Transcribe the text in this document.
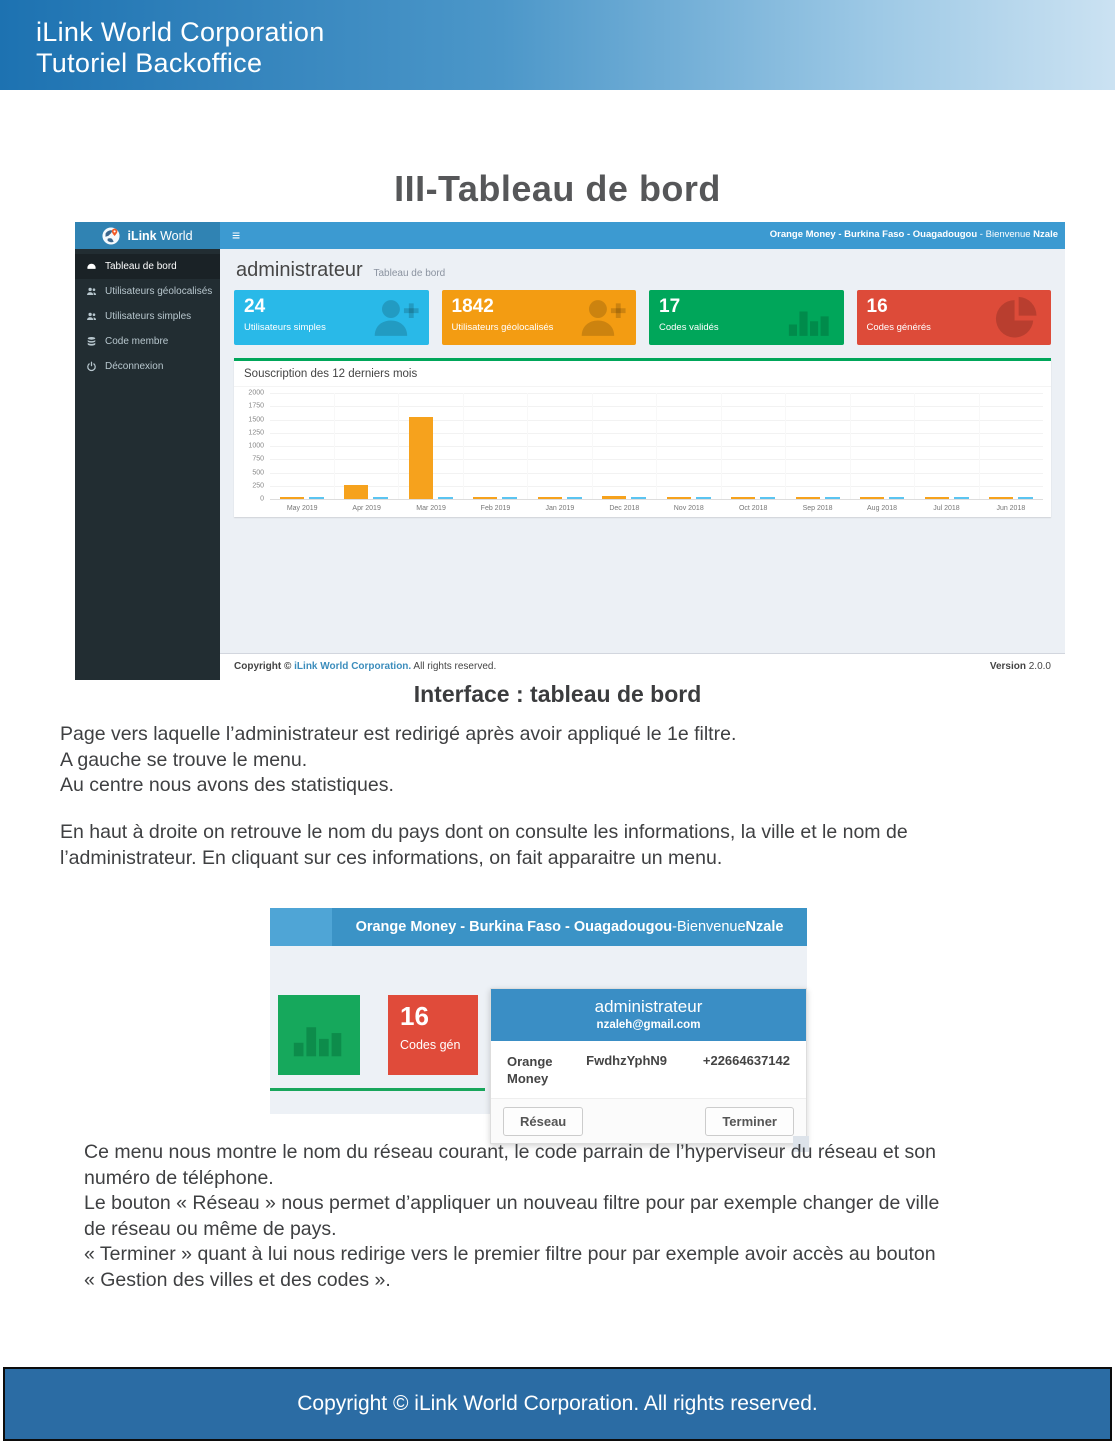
iLink World Corporation
Tutoriel Backoffice
III-Tableau de bord
iLink World	≡	Orange Money - Burkina Faso - Ouagadougou - Bienvenue Nzale
Tableau de bord
Utilisateurs géolocalisés
Utilisateurs simples
Code membre
Déconnexion
administrateur Tableau de bord
24
Utilisateurs simples
1842
Utilisateurs géolocalisés
17
Codes validés
16
Codes générés
Souscription des 12 derniers mois
0
250
500
750
1000
1250
1500
1750
2000
May 2019	Apr 2019	Mar 2019	Feb 2019	Jan 2019	Dec 2018	Nov 2018	Oct 2018	Sep 2018	Aug 2018	Jul 2018	Jun 2018
Copyright © iLink World Corporation. All rights reserved.	Version 2.0.0
Interface : tableau de bord

Page vers laquelle l’administrateur est redirigé après avoir appliqué le 1e filtre.
A gauche se trouve le menu.
Au centre nous avons des statistiques.

En haut à droite on retrouve le nom du pays dont on consulte les informations, la ville et le nom de
l’administrateur. En cliquant sur ces informations, on fait apparaitre un menu.

Orange Money - Burkina Faso - Ouagadougou - Bienvenue Nzale
16
Codes gén
administrateur
nzaleh@gmail.com
Orange Money
FwdhzYphN9	+22664637142
Réseau	Terminer

Ce menu nous montre le nom du réseau courant, le code parrain de l’hyperviseur du réseau et son
numéro de téléphone.
Le bouton « Réseau » nous permet d’appliquer un nouveau filtre pour par exemple changer de ville
de réseau ou même de pays.
« Terminer » quant à lui nous redirige vers le premier filtre pour par exemple avoir accès au bouton
« Gestion des villes et des codes ».

Copyright © iLink World Corporation. All rights reserved.
